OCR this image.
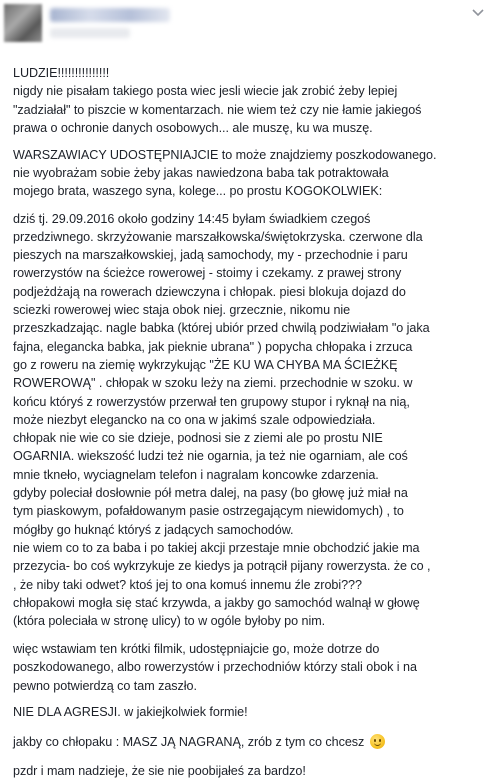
LUDZIE!!!!!!!!!!!!!!!
nigdy nie pisałam takiego posta wiec jesli wiecie jak zrobić żeby lepiej
"zadziałał" to piszcie w komentarzach. nie wiem też czy nie łamie jakiegoś
prawa o ochronie danych osobowych... ale muszę, ku wa muszę.
WARSZAWIACY UDOSTĘPNIAJCIE to może znajdziemy poszkodowanego.
nie wyobrażam sobie żeby jakas nawiedzona baba tak potraktowała
mojego brata, waszego syna, kolege... po prostu KOGOKOLWIEK:
dziś tj. 29.09.2016 około godziny 14:45 byłam świadkiem czegoś
przedziwnego. skrzyżowanie marszałkowska/świętokrzyska. czerwone dla
pieszych na marszałkowskiej, jadą samochody, my - przechodnie i paru
rowerzystów na ścieżce rowerowej - stoimy i czekamy. z prawej strony
podjeżdżają na rowerach dziewczyna i chłopak. piesi blokuja dojazd do
sciezki rowerowej wiec staja obok niej. grzecznie, nikomu nie
przeszkadzając. nagle babka (której ubiór przed chwilą podziwiałam "o jaka
fajna, elegancka babka, jak pieknie ubrana" ) popycha chłopaka i zrzuca
go z roweru na ziemię wykrzykując "ŻE KU WA CHYBA MA ŚCIEŻKĘ
ROWEROWĄ" . chłopak w szoku leży na ziemi. przechodnie w szoku. w
końcu któryś z rowerzystów przerwał ten grupowy stupor i ryknął na nią,
może niezbyt elegancko na co ona w jakimś szale odpowiedziała.
chłopak nie wie co sie dzieje, podnosi sie z ziemi ale po prostu NIE
OGARNIA. wiekszość ludzi też nie ogarnia, ja też nie ogarniam, ale coś
mnie tkneło, wyciagnelam telefon i nagralam koncowke zdarzenia.
gdyby poleciał dosłownie pół metra dalej, na pasy (bo głowę już miał na
tym piaskowym, pofałdowanym pasie ostrzegającym niewidomych) , to
mógłby go huknąć któryś z jadących samochodów.
nie wiem co to za baba i po takiej akcji przestaje mnie obchodzić jakie ma
przezycia- bo coś wykrzykuje ze kiedys ja potrącił pijany rowerzysta. że co ,
, że niby taki odwet? ktoś jej to ona komuś innemu źle zrobi???
chłopakowi mogła się stać krzywda, a jakby go samochód walnął w głowę
(która poleciała w stronę ulicy) to w ogóle byłoby po nim.
więc wstawiam ten krótki filmik, udostępniajcie go, może dotrze do
poszkodowanego, albo rowerzystów i przechodniów którzy stali obok i na
pewno potwierdzą co tam zaszło.
NIE DLA AGRESJI. w jakiejkolwiek formie!
jakby co chłopaku : MASZ JĄ NAGRANĄ, zrób z tym co chcesz
pzdr i mam nadzieje, że sie nie poobijałeś za bardzo!
